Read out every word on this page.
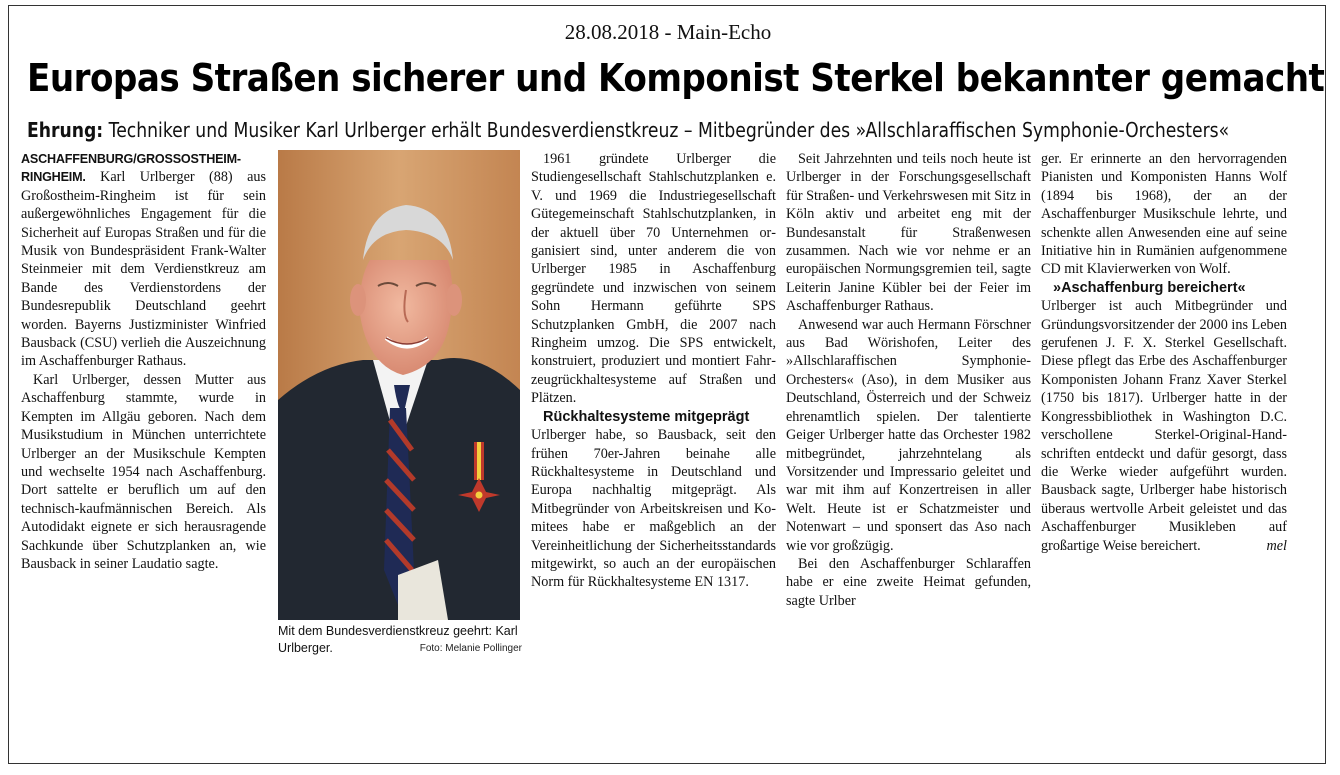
28.08.2018 - Main-Echo
Europas Straßen sicherer und Komponist Sterkel bekannter gemacht
Ehrung: Techniker und Musiker Karl Urlberger erhält Bundesverdienstkreuz – Mitbegründer des »Allschlaraffischen Symphonie-Orchesters«

ASCHAFFENBURG/GROSSOSTHEIM-RINGHEIM. Karl Urlberger (88) aus Großostheim-Ringheim ist für sein außergewöhnliches Engagement für die Sicherheit auf Europas Straßen und für die Musik von Bundespräsident Frank-Walter Steinmeier mit dem Verdienstkreuz am Bande des Verdienstordens der Bundesrepublik Deutschland geehrt worden. Bayerns Justizminister Winfried Bausback (CSU) verlieh die Auszeichnung im Aschaffenburger Rathaus.

Karl Urlberger, dessen Mutter aus Aschaffenburg stammte, wurde in Kempten im Allgäu geboren. Nach dem Musikstudium in München unterrichtete Urlberger an der Musikschule Kempten und wechselte 1954 nach Aschaffenburg. Dort sattelte er beruflich um auf den technisch-kaufmännischen Bereich. Als Autodidakt eignete er sich herausragende Sachkunde über Schutzplanken an, wie Bausback in seiner Laudatio sagte.

Mit dem Bundesverdienstkreuz geehrt: Karl Urlberger.	Foto: Melanie Pollinger

1961 gründete Urlberger die Studiengesellschaft Stahlschutzplanken e. V. und 1969 die Industriegesellschaft Gütegemeinschaft Stahlschutzplanken, in der aktuell über 70 Unternehmen organisiert sind, unter anderem die von Urlberger 1985 in Aschaffenburg gegründete und inzwischen von seinem Sohn Hermann geführte SPS Schutzplanken GmbH, die 2007 nach Ringheim umzog. Die SPS entwickelt, konstruiert, produziert und montiert Fahrzeugrückhaltesysteme auf Straßen und Plätzen.

Rückhaltesysteme mitgeprägt

Urlberger habe, so Bausback, seit den frühen 70er-Jahren beinahe alle Rückhaltesysteme in Deutschland und Europa nachhaltig mitgeprägt. Als Mitbegründer von Arbeitskreisen und Komitees habe er maßgeblich an der Vereinheitlichung der Sicherheitsstandards mitgewirkt, so auch an der europäischen Norm für Rückhaltesysteme EN 1317.

Seit Jahrzehnten und teils noch heute ist Urlberger in der Forschungsgesellschaft für Straßen- und Verkehrswesen mit Sitz in Köln aktiv und arbeitet eng mit der Bundesanstalt für Straßenwesen zusammen. Nach wie vor nehme er an europäischen Normungsgremien teil, sagte Leiterin Janine Kübler bei der Feier im Aschaffenburger Rathaus.

Anwesend war auch Hermann Förschner aus Bad Wörishofen, Leiter des »Allschlaraffischen Symphonie-Orchesters« (Aso), in dem Musiker aus Deutschland, Österreich und der Schweiz ehrenamtlich spielen. Der talentierte Geiger Urlberger hatte das Orchester 1982 mitbegründet, jahrzehntelang als Vorsitzender und Impressario geleitet und war mit ihm auf Konzertreisen in aller Welt. Heute ist er Schatzmeister und Notenwart – und sponsert das Aso nach wie vor großzügig.

Bei den Aschaffenburger Schlaraffen habe er eine zweite Heimat gefunden, sagte Urlber

ger. Er erinnerte an den hervorragenden Pianisten und Komponisten Hanns Wolf (1894 bis 1968), der an der Aschaffenburger Musikschule lehrte, und schenkte allen Anwesenden eine auf seine Initiative hin in Rumänien aufgenommene CD mit Klavierwerken von Wolf.

»Aschaffenburg bereichert«

Urlberger ist auch Mitbegründer und Gründungsvorsitzender der 2000 ins Leben gerufenen J. F. X. Sterkel Gesellschaft. Diese pflegt das Erbe des Aschaffenburger Komponisten Johann Franz Xaver Sterkel (1750 bis 1817). Urlberger hatte in der Kongressbibliothek in Washington D.C. verschollene Sterkel-Original-Handschriften entdeckt und dafür gesorgt, dass die Werke wieder aufgeführt wurden. Bausback sagte, Urlberger habe historisch überaus wertvolle Arbeit geleistet und das Aschaffenburger Musikleben auf großartige Weise bereichert.	mel
